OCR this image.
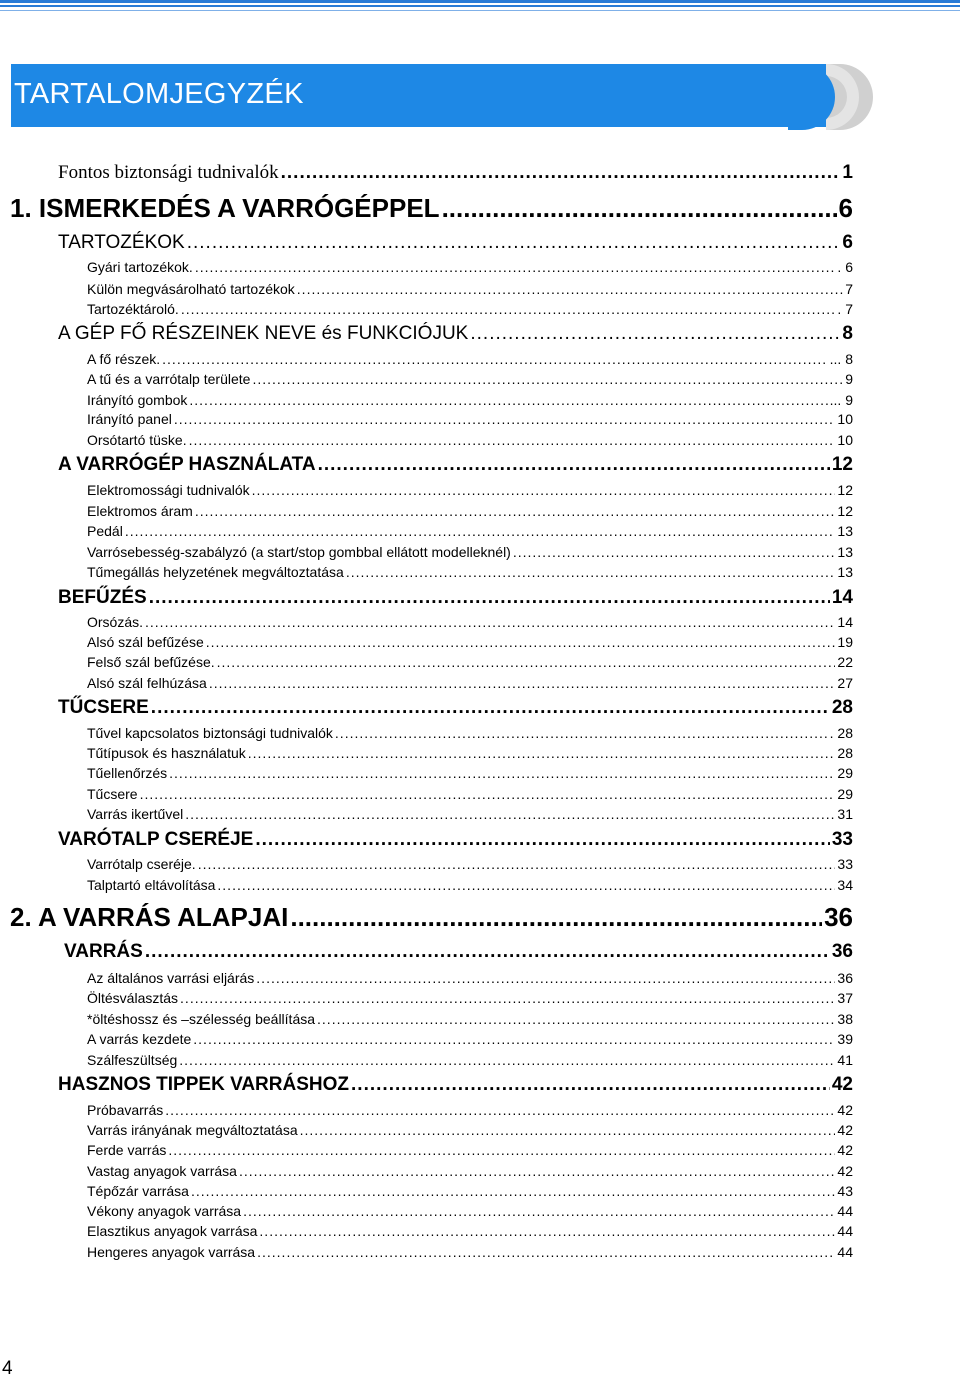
TARTALOMJEGYZÉK
Fontos biztonsági tudnivalók .....	1
1. ISMERKEDÉS A VARRÓGÉPPEL .....	6
TARTOZÉKOK .....	6
Gyári tartozékok. .....	. 6
Külön megvásárolható tartozékok .....	7
Tartozéktároló. .....	. 7
A GÉP FŐ RÉSZEINEK NEVE és FUNKCIÓJUK .....	8
A fő részek. .....	... 8
A tű és a varrótalp területe .....	9
Irányító gombok .....	... 9
Irányító panel .....	10
Orsótartó tüske. .....	10
A VARRÓGÉP HASZNÁLATA .....	12
Elektromossági tudnivalók .....	12
Elektromos áram .....	12
Pedál .....	13
Varrósebesség-szabályzó (a start/stop gombbal ellátott modelleknél) .....	13
Tűmegállás helyzetének megváltoztatása .....	13
BEFŰZÉS .....	14
Orsózás. .....	14
Alsó szál befűzése .....	19
Felső szál befűzése. .....	22
Alsó szál felhúzása .....	27
TŰCSERE .....	28
Tűvel kapcsolatos biztonsági tudnivalók .....	. 28
Tűtípusok és használatuk .....	28
Tűellenőrzés .....	29
Tűcsere .....	29
Varrás ikertűvel .....	31
VARÓTALP CSERÉJE .....	33
Varrótalp cseréje. .....	33
Talptartó eltávolítása .....	34
2. A VARRÁS ALAPJAI .....	36
VARRÁS .....	36
Az általános varrási eljárás .....	36
Öltésválasztás .....	37
*öltéshossz és –szélesség beállítása .....	38
A varrás kezdete .....	39
Szálfeszültség .....	41
HASZNOS TIPPEK VARRÁSHOZ .....	42
Próbavarrás .....	42
Varrás irányának megváltoztatása .....	42
Ferde varrás .....	42
Vastag anyagok varrása .....	42
Tépőzár varrása .....	43
Vékony anyagok varrása .....	44
Elasztikus anyagok varrása .....	44
Hengeres anyagok varrása .....	44
4
